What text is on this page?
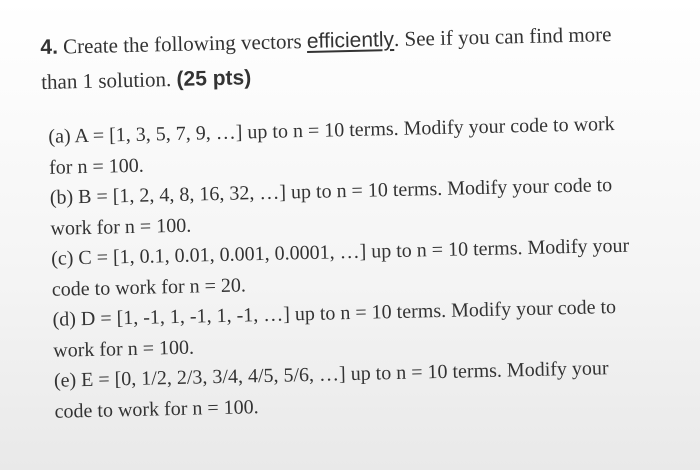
4. Create the following vectors efficiently. See if you can find more than 1 solution. (25 pts)

(a) A = [1, 3, 5, 7, 9, …] up to n = 10 terms. Modify your code to work for n = 100.

(b) B = [1, 2, 4, 8, 16, 32, …] up to n = 10 terms. Modify your code to work for n = 100.

(c) C = [1, 0.1, 0.01, 0.001, 0.0001, …] up to n = 10 terms. Modify your code to work for n = 20.

(d) D = [1, -1, 1, -1, 1, -1, …] up to n = 10 terms. Modify your code to work for n = 100.

(e) E = [0, 1/2, 2/3, 3/4, 4/5, 5/6, …] up to n = 10 terms. Modify your code to work for n = 100.
